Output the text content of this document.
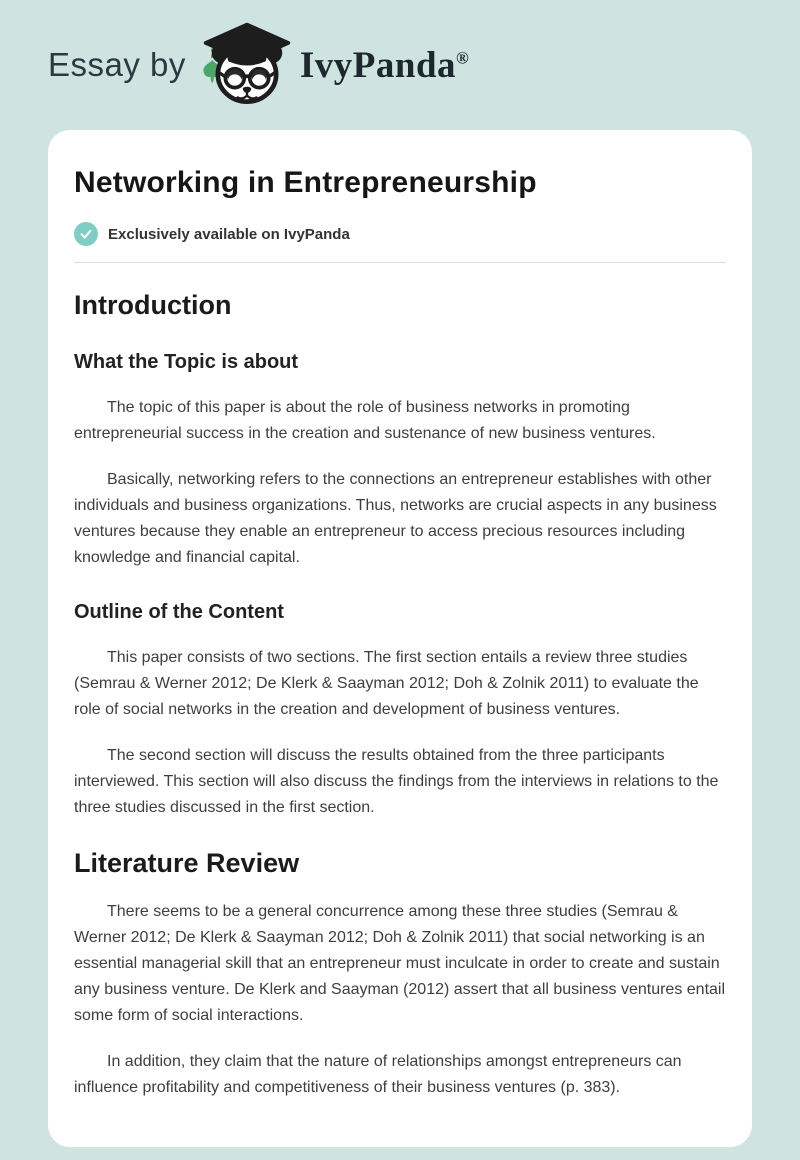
Essay by	IvyPanda®
Networking in Entrepreneurship
Exclusively available on IvyPanda
Introduction
What the Topic is about

The topic of this paper is about the role of business networks in promoting entrepreneurial success in the creation and sustenance of new business ventures.

Basically, networking refers to the connections an entrepreneur establishes with other individuals and business organizations. Thus, networks are crucial aspects in any business ventures because they enable an entrepreneur to access precious resources including knowledge and financial capital.

Outline of the Content

This paper consists of two sections. The first section entails a review three studies (Semrau & Werner 2012; De Klerk & Saayman 2012; Doh & Zolnik 2011) to evaluate the role of social networks in the creation and development of business ventures.

The second section will discuss the results obtained from the three participants interviewed. This section will also discuss the findings from the interviews in relations to the three studies discussed in the first section.

Literature Review

There seems to be a general concurrence among these three studies (Semrau & Werner 2012; De Klerk & Saayman 2012; Doh & Zolnik 2011) that social networking is an essential managerial skill that an entrepreneur must inculcate in order to create and sustain any business venture. De Klerk and Saayman (2012) assert that all business ventures entail some form of social interactions.

In addition, they claim that the nature of relationships amongst entrepreneurs can influence profitability and competitiveness of their business ventures (p. 383).
